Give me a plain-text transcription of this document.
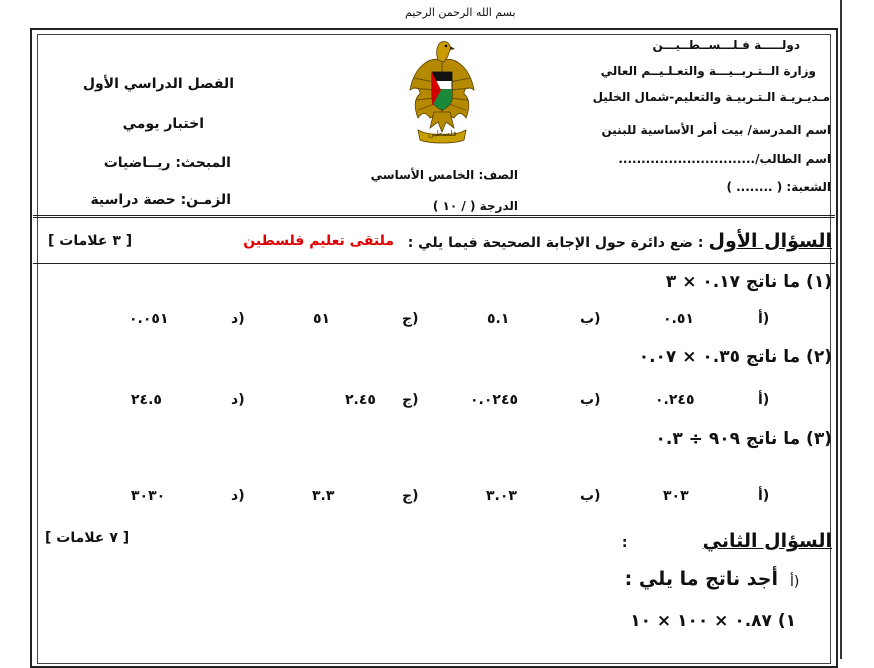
بسم الله الرحمن الرحيم
دولـــــة فـلـــســطــيـــن
وزارة الــتـربــيـــة والتعـلـيــم العالي
مـديـريـة الـتـربيـة والتعليم-شمال الخليل
اسم المدرسة/ بيت أمر الأساسية للبنين
اسم الطالب/..............................
الشعبة: ( ........ )
فلسطين
الصف: الخامس الأساسي
الدرجة ( / ١٠ )
الفصل الدراسي الأول
اختبار يومي
المبحث: ريــاضيات
الزمـن: حصة دراسية
السؤال الأول : ضع دائرة حول الإجابة الصحيحة فيما يلي :
ملتقى تعليم فلسطين
[ ٣ علامات ]
(١) ما ناتج ٠.١٧ × ٣
أ)
٠.٥١
ب)
٥.١
ج)
٥١
د)
٠.٠٥١
(٢) ما ناتج ٠.٣٥ × ٠.٠٧
أ)
٠.٢٤٥
ب)
٠.٠٢٤٥
ج)
٢.٤٥
د)
٢٤.٥
(٣) ما ناتج ٩٠٩ ÷ ٠.٣
أ)
٣٠٣
ب)
٣.٠٣
ج)
٣.٣
د)
٣٠٣٠
السؤال الثاني :
[ ٧ علامات ]
أ)
أجد ناتج ما يلي :
١) ٠.٨٧ × ١٠٠ × ١٠
